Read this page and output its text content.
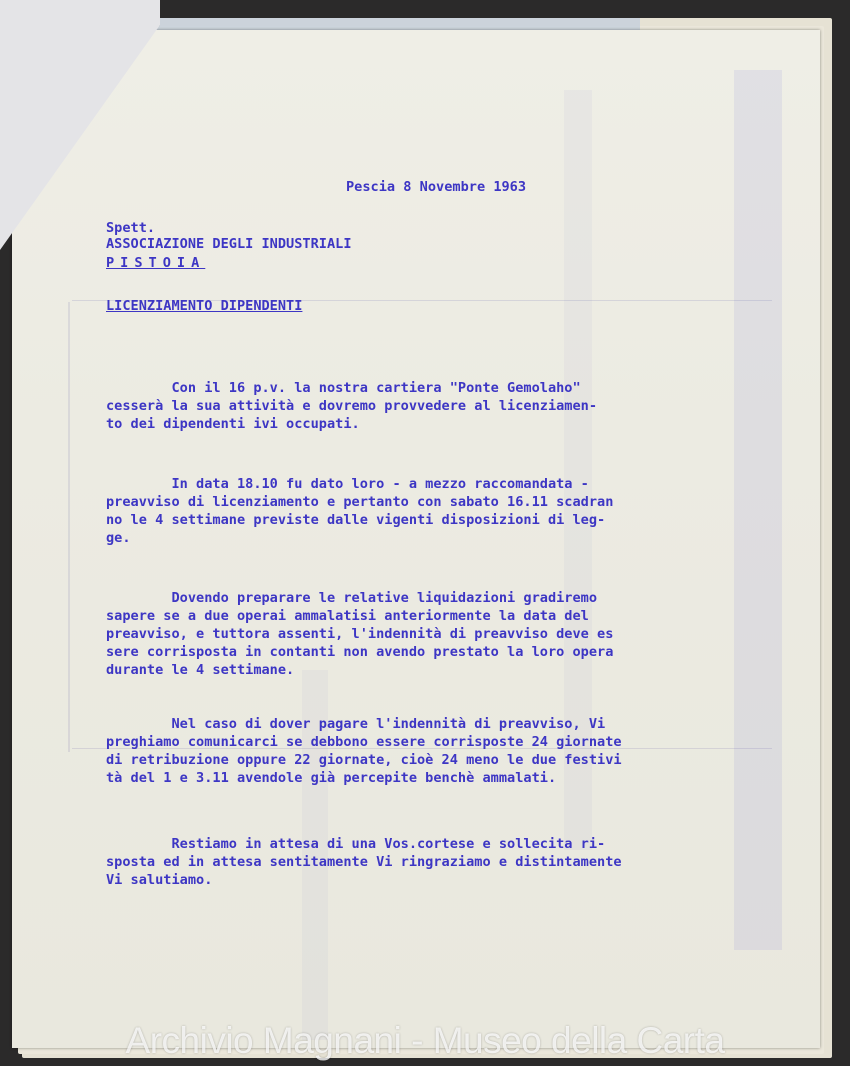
Pescia 8 Novembre 1963
Spett.
ASSOCIAZIONE DEGLI INDUSTRIALI
PISTOIA
LICENZIAMENTO DIPENDENTI

Con il 16 p.v. la nostra cartiera "Ponte Gemolaho"
cesserà la sua attività e dovremo provvedere al licenziamen-
to dei dipendenti ivi occupati.

In data 18.10 fu dato loro - a mezzo raccomandata -
preavviso di licenziamento e pertanto con sabato 16.11 scadran
no le 4 settimane previste dalle vigenti disposizioni di leg-
ge.

Dovendo preparare le relative liquidazioni gradiremo
sapere se a due operai ammalatisi anteriormente la data del
preavviso, e tuttora assenti, l'indennità di preavviso deve es
sere corrisposta in contanti non avendo prestato la loro opera
durante le 4 settimane.

Nel caso di dover pagare l'indennità di preavviso, Vi
preghiamo comunicarci se debbono essere corrisposte 24 giornate
di retribuzione oppure 22 giornate, cioè 24 meno le due festivi
tà del 1 e 3.11 avendole già percepite benchè ammalati.

Restiamo in attesa di una Vos.cortese e sollecita ri-
sposta ed in attesa sentitamente Vi ringraziamo e distintamente
Vi salutiamo.

Archivio Magnani - Museo della Carta
